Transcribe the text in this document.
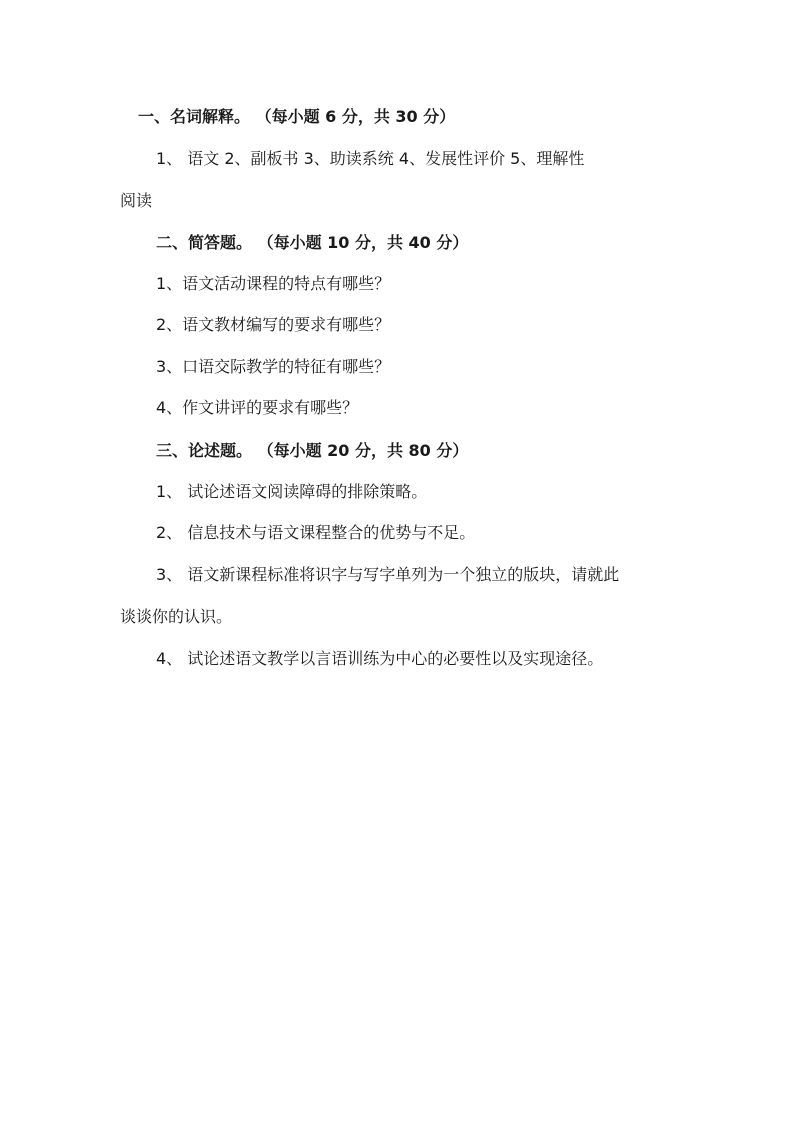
一、名词解释。 （每小题 6 分，共 30 分）
1、 语文 2、副板书 3、助读系统 4、发展性评价 5、理解性
阅读
二、简答题。 （每小题 10 分，共 40 分）
1、语文活动课程的特点有哪些？
2、语文教材编写的要求有哪些？
3、口语交际教学的特征有哪些？
4、作文讲评的要求有哪些？
三、论述题。 （每小题 20 分，共 80 分）
1、 试论述语文阅读障碍的排除策略。
2、 信息技术与语文课程整合的优势与不足。
3、 语文新课程标准将识字与写字单列为一个独立的版块，请就此
谈谈你的认识。
4、 试论述语文教学以言语训练为中心的必要性以及实现途径。
